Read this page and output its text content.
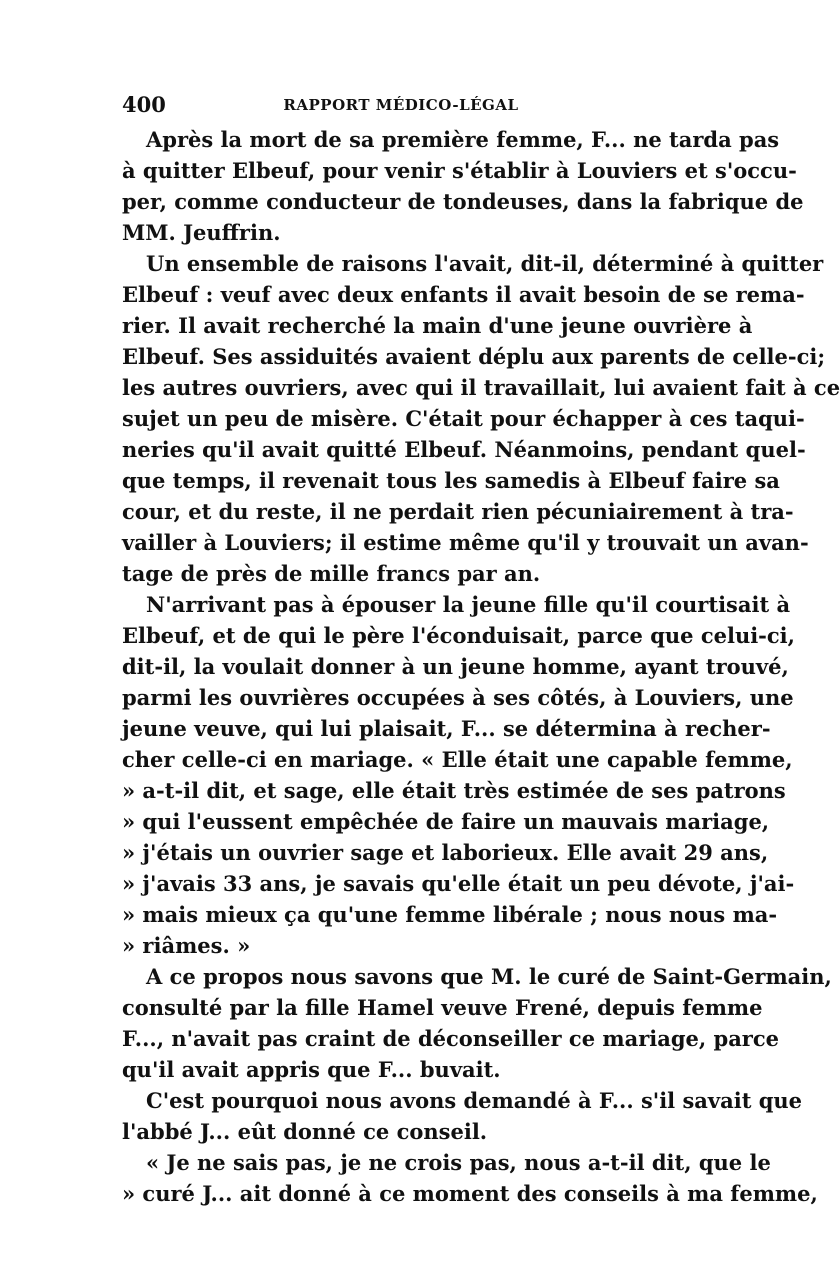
400	RAPPORT MÉDICO-LÉGAL
Après la mort de sa première femme, F... ne tarda pas
à quitter Elbeuf, pour venir s'établir à Louviers et s'occu-
per, comme conducteur de tondeuses, dans la fabrique de
MM. Jeuffrin.
Un ensemble de raisons l'avait, dit-il, déterminé à quitter
Elbeuf : veuf avec deux enfants il avait besoin de se rema-
rier. Il avait recherché la main d'une jeune ouvrière à
Elbeuf. Ses assiduités avaient déplu aux parents de celle-ci;
les autres ouvriers, avec qui il travaillait, lui avaient fait à ce
sujet un peu de misère. C'était pour échapper à ces taqui-
neries qu'il avait quitté Elbeuf. Néanmoins, pendant quel-
que temps, il revenait tous les samedis à Elbeuf faire sa
cour, et du reste, il ne perdait rien pécuniairement à tra-
vailler à Louviers; il estime même qu'il y trouvait un avan-
tage de près de mille francs par an.
N'arrivant pas à épouser la jeune fille qu'il courtisait à
Elbeuf, et de qui le père l'éconduisait, parce que celui-ci,
dit-il, la voulait donner à un jeune homme, ayant trouvé,
parmi les ouvrières occupées à ses côtés, à Louviers, une
jeune veuve, qui lui plaisait, F... se détermina à recher-
cher celle-ci en mariage. « Elle était une capable femme,
» a-t-il dit, et sage, elle était très estimée de ses patrons
» qui l'eussent empêchée de faire un mauvais mariage,
» j'étais un ouvrier sage et laborieux. Elle avait 29 ans,
» j'avais 33 ans, je savais qu'elle était un peu dévote, j'ai-
» mais mieux ça qu'une femme libérale ; nous nous ma-
» riâmes. »
A ce propos nous savons que M. le curé de Saint-Germain,
consulté par la fille Hamel veuve Frené, depuis femme
F..., n'avait pas craint de déconseiller ce mariage, parce
qu'il avait appris que F... buvait.
C'est pourquoi nous avons demandé à F... s'il savait que
l'abbé J... eût donné ce conseil.
« Je ne sais pas, je ne crois pas, nous a-t-il dit, que le
» curé J... ait donné à ce moment des conseils à ma femme,
